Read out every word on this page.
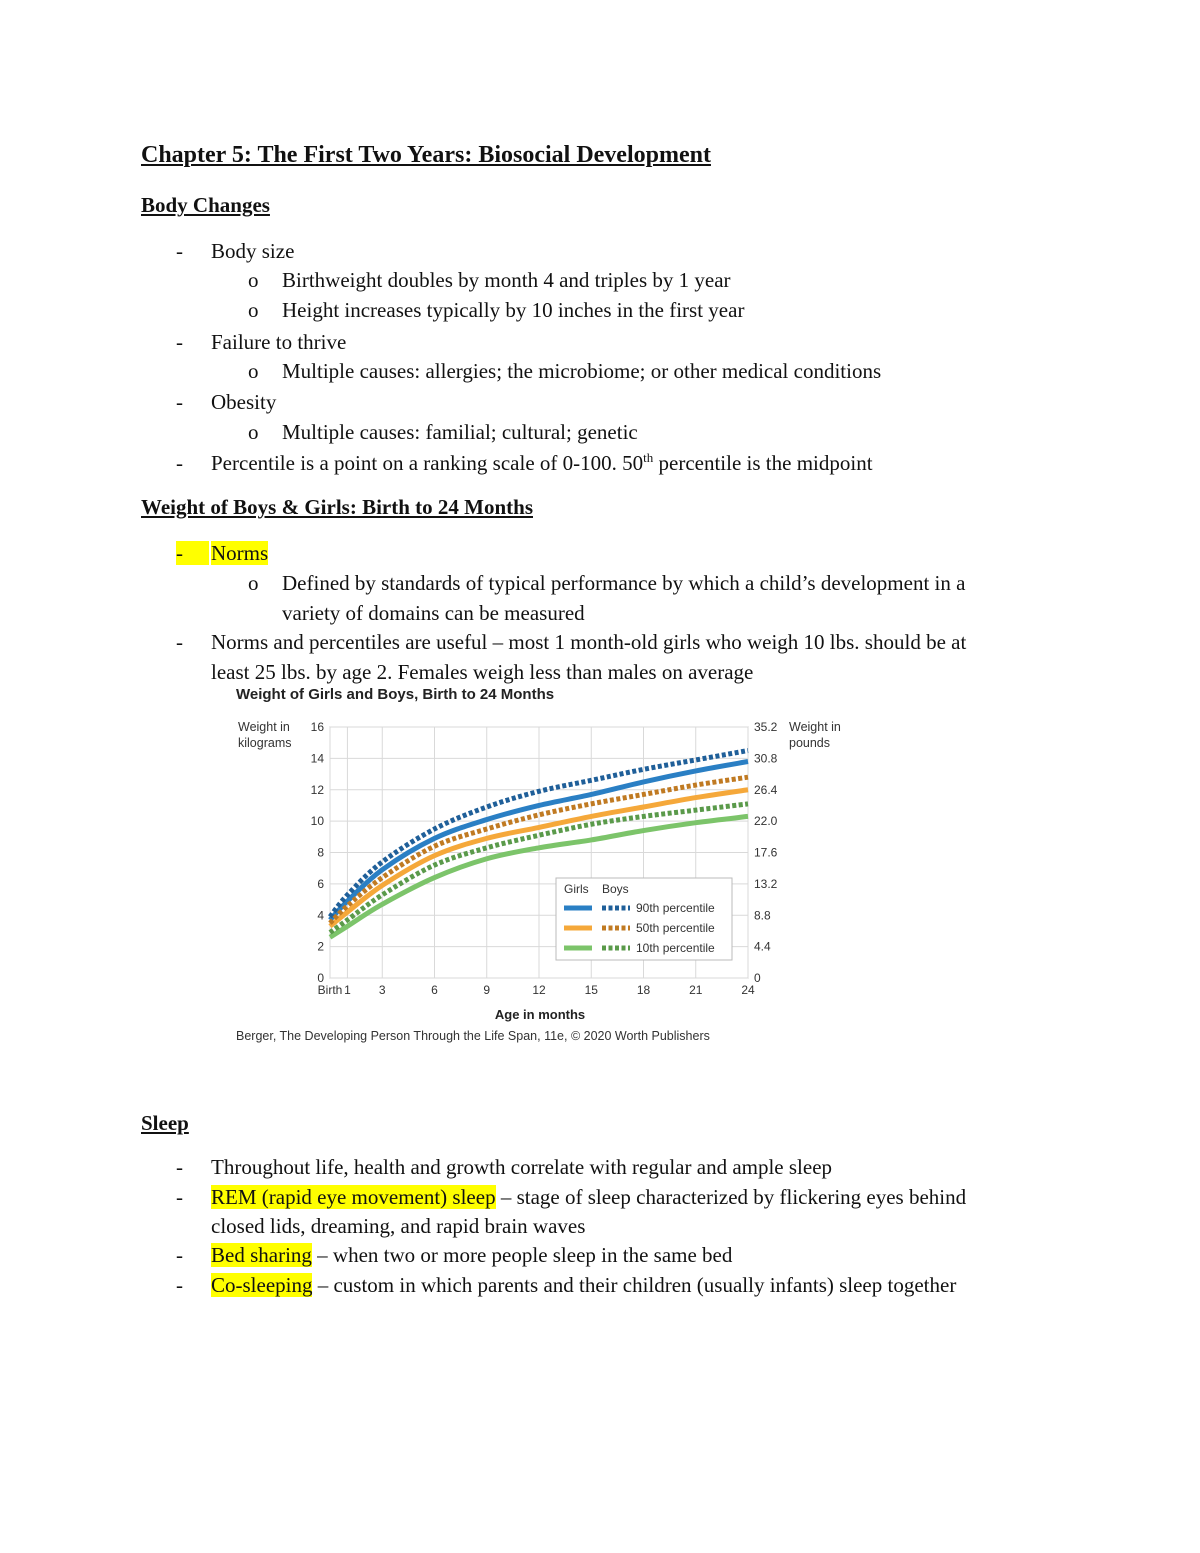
Chapter 5: The First Two Years: Biosocial Development
Body Changes
- Body size
o Birthweight doubles by month 4 and triples by 1 year
o Height increases typically by 10 inches in the first year
- Failure to thrive
o Multiple causes: allergies; the microbiome; or other medical conditions
- Obesity
o Multiple causes: familial; cultural; genetic
- Percentile is a point on a ranking scale of 0-100. 50th percentile is the midpoint
Weight of Boys & Girls: Birth to 24 Months
-	Norms
o Defined by standards of typical performance by which a child’s development in a
variety of domains can be measured
- Norms and percentiles are useful – most 1 month-old girls who weigh 10 lbs. should be at
least 25 lbs. by age 2. Females weigh less than males on average
Weight of Girls and Boys, Birth to 24 Months
Weight in kilograms
Weight in pounds
0	0
2	4.4
4	8.8
6	13.2
8	17.6
10	22.0
12	26.4
14	30.8
16	35.2
Birth 1 3	6	9	12	15	18	21	24
Girls Boys
90th percentile
50th percentile
10th percentile
Age in months
Berger, The Developing Person Through the Life Span, 11e, © 2020 Worth Publishers
Sleep
- Throughout life, health and growth correlate with regular and ample sleep
- REM (rapid eye movement) sleep – stage of sleep characterized by flickering eyes behind
closed lids, dreaming, and rapid brain waves
- Bed sharing – when two or more people sleep in the same bed
- Co-sleeping – custom in which parents and their children (usually infants) sleep together
